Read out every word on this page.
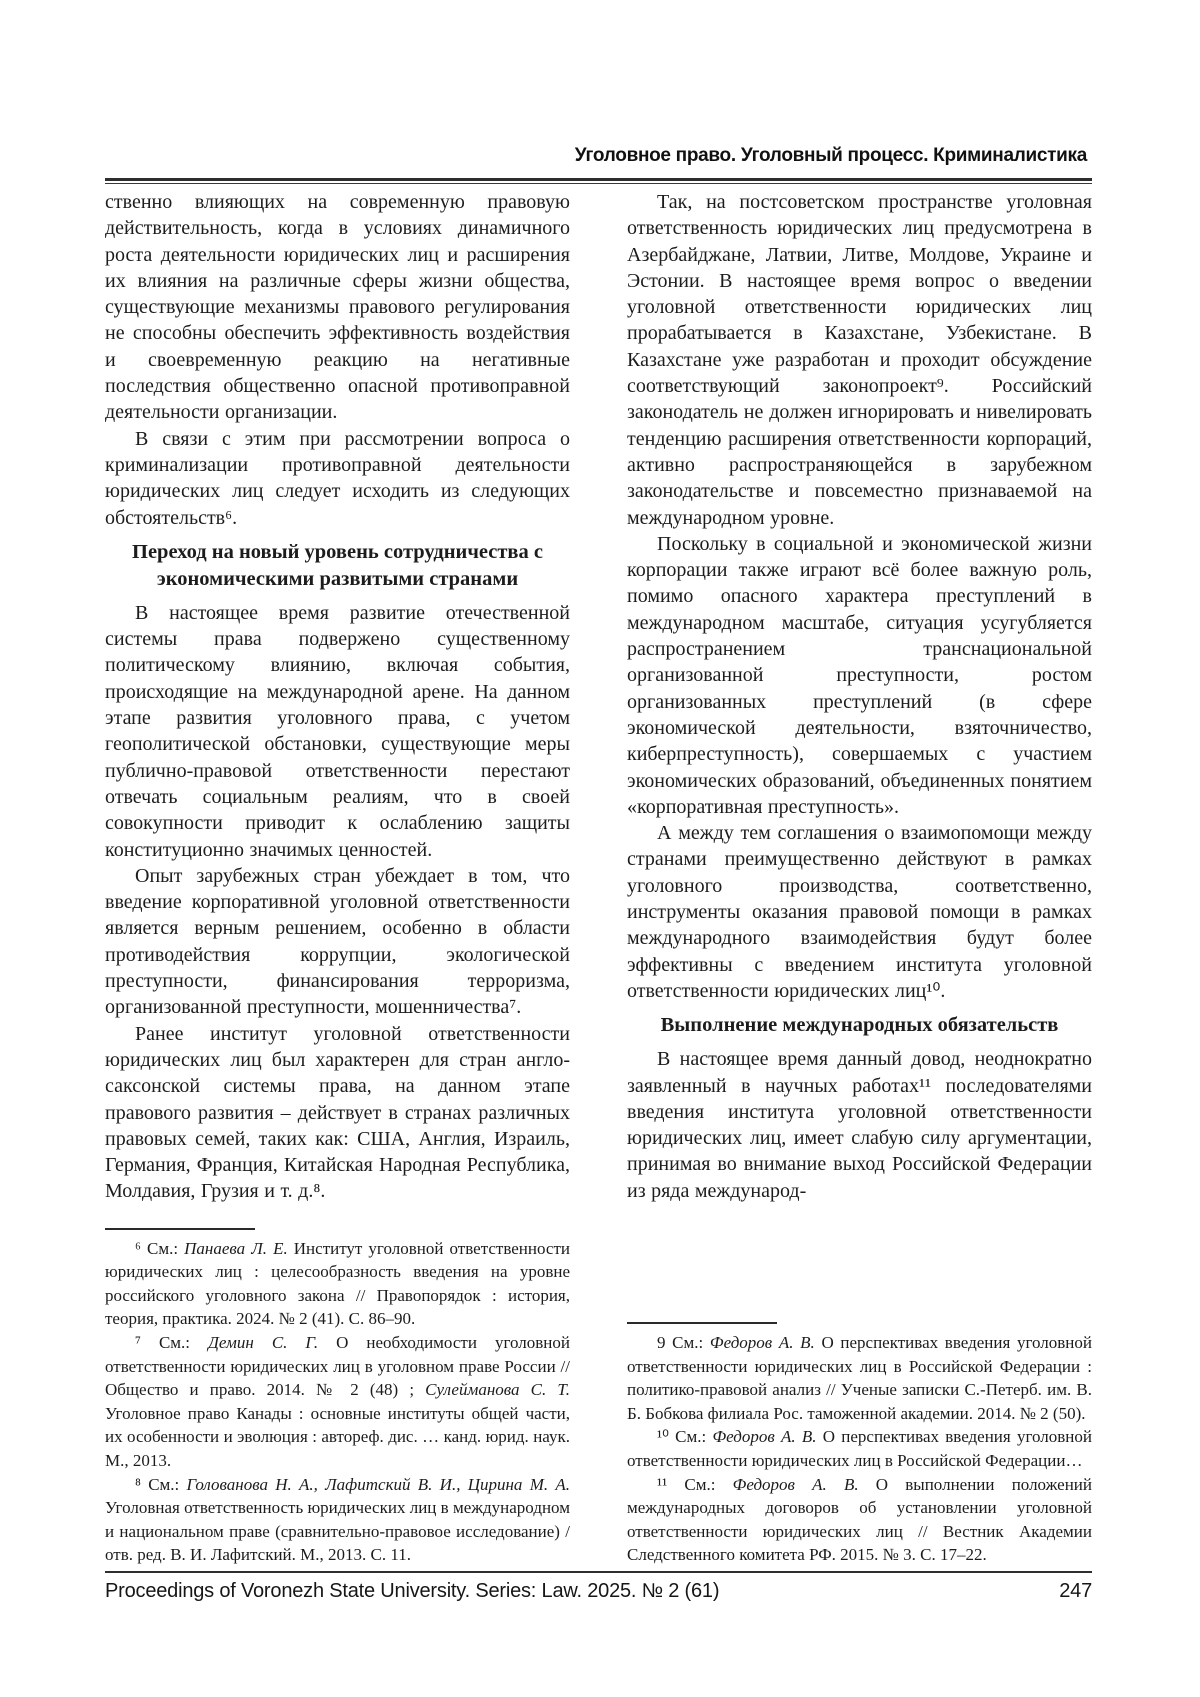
Уголовное право. Уголовный процесс. Криминалистика

ственно влияющих на современную правовую действительность, когда в условиях динамичного роста деятельности юридических лиц и расширения их влияния на различные сферы жизни общества, существующие механизмы правового регулирования не способны обеспечить эффективность воздействия и своевременную реакцию на негативные последствия общественно опасной противоправной деятельности организации.

В связи с этим при рассмотрении вопроса о криминализации противоправной деятельности юридических лиц следует исходить из следующих обстоятельств⁶.

Переход на новый уровень сотрудничества с экономическими развитыми странами

В настоящее время развитие отечественной системы права подвержено существенному политическому влиянию, включая события, происходящие на международной арене. На данном этапе развития уголовного права, с учетом геополитической обстановки, существующие меры публично-правовой ответственности перестают отвечать социальным реалиям, что в своей совокупности приводит к ослаблению защиты конституционно значимых ценностей.

Опыт зарубежных стран убеждает в том, что введение корпоративной уголовной ответственности является верным решением, особенно в области противодействия коррупции, экологической преступности, финансирования терроризма, организованной преступности, мошенничества⁷.

Ранее институт уголовной ответственности юридических лиц был характерен для стран англо-саксонской системы права, на данном этапе правового развития – действует в странах различных правовых семей, таких как: США, Англия, Израиль, Германия, Франция, Китайская Народная Республика, Молдавия, Грузия и т. д.⁸.

⁶ См.: Панаева Л. Е. Институт уголовной ответственности юридических лиц : целесообразность введения на уровне российского уголовного закона // Правопорядок : история, теория, практика. 2024. № 2 (41). С. 86–90.

⁷ См.: Демин С. Г. О необходимости уголовной ответственности юридических лиц в уголовном праве России // Общество и право. 2014. № 2 (48) ; Сулейманова С. Т. Уголовное право Канады : основные институты общей части, их особенности и эволюция : автореф. дис. … канд. юрид. наук. М., 2013.

⁸ См.: Голованова Н. А., Лафитский В. И., Цирина М. А. Уголовная ответственность юридических лиц в международном и национальном праве (сравнительно-правовое исследование) / отв. ред. В. И. Лафитский. М., 2013. С. 11.

Так, на постсоветском пространстве уголовная ответственность юридических лиц предусмотрена в Азербайджане, Латвии, Литве, Молдове, Украине и Эстонии. В настоящее время вопрос о введении уголовной ответственности юридических лиц прорабатывается в Казахстане, Узбекистане. В Казахстане уже разработан и проходит обсуждение соответствующий законопроект⁹. Российский законодатель не должен игнорировать и нивелировать тенденцию расширения ответственности корпораций, активно распространяющейся в зарубежном законодательстве и повсеместно признаваемой на международном уровне.

Поскольку в социальной и экономической жизни корпорации также играют всё более важную роль, помимо опасного характера преступлений в международном масштабе, ситуация усугубляется распространением транснациональной организованной преступности, ростом организованных преступлений (в сфере экономической деятельности, взяточничество, киберпреступность), совершаемых с участием экономических образований, объединенных понятием «корпоративная преступность».

А между тем соглашения о взаимопомощи между странами преимущественно действуют в рамках уголовного производства, соответственно, инструменты оказания правовой помощи в рамках международного взаимодействия будут более эффективны с введением института уголовной ответственности юридических лиц¹⁰.

Выполнение международных обязательств

В настоящее время данный довод, неоднократно заявленный в научных работах¹¹ последователями введения института уголовной ответственности юридических лиц, имеет слабую силу аргументации, принимая во внимание выход Российской Федерации из ряда международ-

9 См.: Федоров А. В. О перспективах введения уголовной ответственности юридических лиц в Российской Федерации : политико-правовой анализ // Ученые записки С.-Петерб. им. В. Б. Бобкова филиала Рос. таможенной академии. 2014. № 2 (50).

¹⁰ См.: Федоров А. В. О перспективах введения уголовной ответственности юридических лиц в Российской Федерации…

¹¹ См.: Федоров А. В. О выполнении положений международных договоров об установлении уголовной ответственности юридических лиц // Вестник Академии Следственного комитета РФ. 2015. № 3. С. 17–22.

Proceedings of Voronezh State University. Series: Law. 2025. № 2 (61)	247
